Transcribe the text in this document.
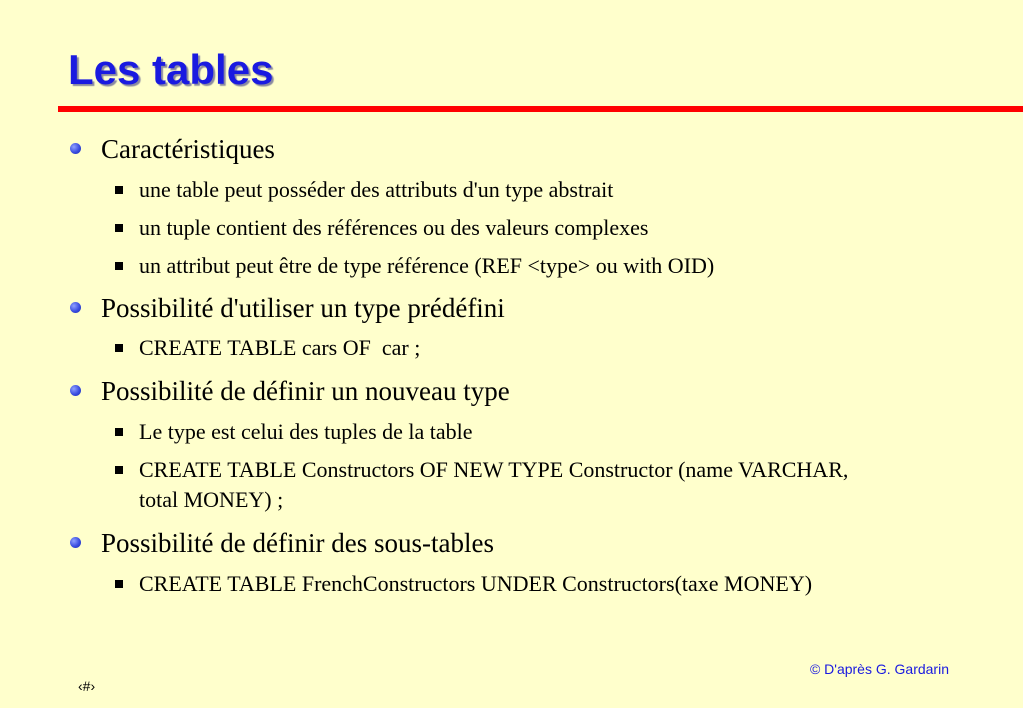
Les tables
Caractéristiques
une table peut posséder des attributs d'un type abstrait
un tuple contient des références ou des valeurs complexes
un attribut peut être de type référence (REF <type> ou with OID)
Possibilité d'utiliser un type prédéfini
CREATE TABLE cars OF  car ;
Possibilité de définir un nouveau type
Le type est celui des tuples de la table
CREATE TABLE Constructors OF NEW TYPE Constructor (name VARCHAR,
total MONEY) ;
Possibilité de définir des sous-tables
CREATE TABLE FrenchConstructors UNDER Constructors(taxe MONEY)
© D'après G. Gardarin
‹#›
